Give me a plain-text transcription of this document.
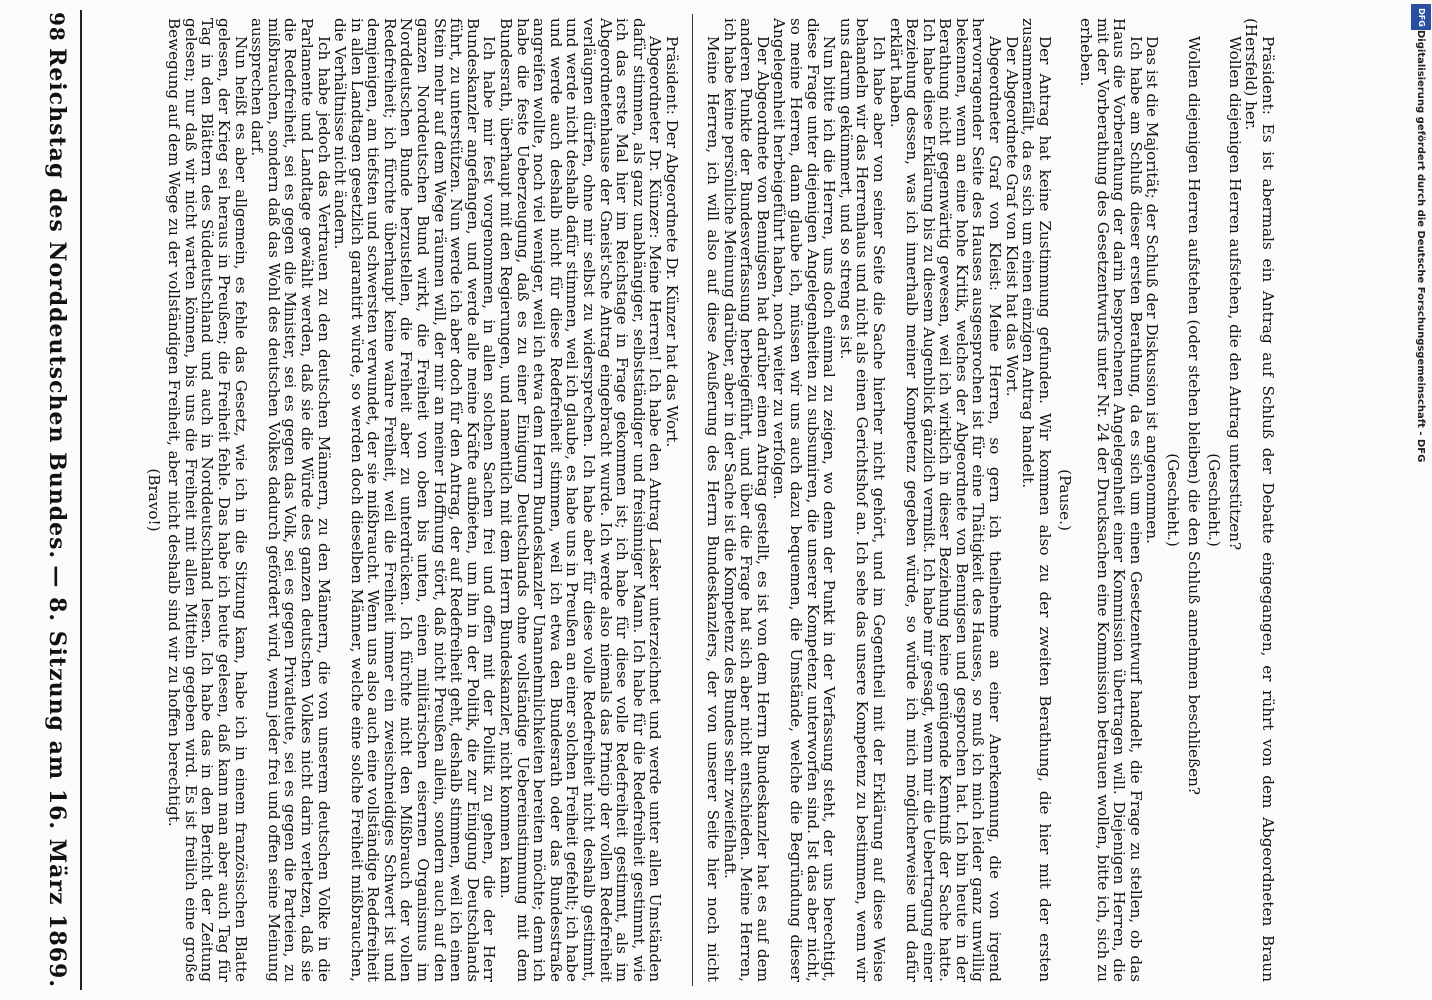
98
Reichstag des Norddeutschen Bundes.
— 8. Sitzung am 16. März 1869.

Präsident: Der Abgeordnete Dr. Künzer hat das Wort.

Abgeordneter Dr. Künzer: Meine Herren! Ich habe den Antrag Lasker unterzeichnet und werde unter allen Umständen dafür stimmen, als ganz unabhängiger, selbstständiger und freisinniger Mann. Ich habe für die Redefreiheit gestimmt, wie ich das erste Mal hier im Reichstage in Frage gekommen ist; ich habe für diese volle Redefreiheit gestimmt, als im Abgeordnetenhause der Gneist'sche Antrag eingebracht wurde. Ich werde also niemals das Princip der vollen Redefreiheit verläugnen dürfen, ohne mir selbst zu widersprechen. Ich habe aber für diese volle Redefreiheit nicht deshalb gestimmt, und werde nicht deshalb dafür stimmen, weil ich glaube, es habe uns in Preußen an einer solchen Freiheit gefehlt; ich habe und werde auch deshalb nicht für diese Redefreiheit stimmen, weil ich etwa den Bundesrath oder das Bundesstraße angreifen wollte, noch viel weniger, weil ich etwa dem Herrn Bundeskanzler Unannehmlichkeiten bereiten möchte; denn ich habe die feste Ueberzeugung, daß es zu einer Einigung Deutschlands ohne vollständige Uebereinstimmung mit dem Bundesrath, überhaupt mit den Regierungen, und namentlich mit dem Herrn Bundeskanzler, nicht kommen kann.

Ich habe mir fest vorgenommen, in allen solchen Sachen frei und offen mit der Politik zu gehen, die der Herr Bundeskanzler angefangen, und werde alle meine Kräfte aufbieten, um ihn in der Politik, die zur Einigung Deutschlands führt, zu unterstützen. Nun werde ich aber doch für den Antrag, der auf Redefreiheit geht, deshalb stimmen, weil ich einen Stein mehr auf dem Wege räumen will, der mir an meiner Hoffnung stört, daß nicht Preußen allein, sondern auch auf den ganzen Norddeutschen Bund wirkt, die Freiheit von oben bis unten, einen militärischen eisernen Organismus im Norddeutschen Bunde herzustellen, die Freiheit aber zu unterdrücken. Ich fürchte nicht den Mißbrauch der vollen Redefreiheit; ich fürchte überhaupt keine wahre Freiheit, weil die Freiheit immer ein zweischneidiges Schwert ist und demjenigen, am tiefsten und schwersten verwundet, der sie mißbraucht. Wenn uns also auch eine vollständige Redefreiheit in allen Landtagen gesetzlich garantirt würde, so werden doch dieselben Männer, welche eine solche Freiheit mißbrauchen, die Verhältnisse nicht ändern.

Ich habe jedoch das Vertrauen zu den deutschen Männern, zu den Männern, die von unserem deutschen Volke in die Parlamente und Landtage gewählt werden, daß sie die Würde des ganzen deutschen Volkes nicht darin verletzen, daß sie die Redefreiheit, sei es gegen die Minister, sei es gegen das Volk, sei es gegen Privatleute, sei es gegen die Parteien, zu mißbrauchen, sondern daß das Wohl des deutschen Volkes dadurch gefördert wird, wenn jeder frei und offen seine Meinung aussprechen darf.

Nun heißt es aber allgemein, es fehle das Gesetz, wie ich in die Sitzung kam, habe ich in einem französischen Blatte gelesen, der Krieg sei heraus in Preußen; die Freiheit fehle. Das habe ich heute gelesen, daß kann man aber auch Tag für Tag in den Blättern des Süddeutschland und auch in Norddeutschland lesen. Ich habe das in den Bericht der Zeitung gelesen; nur daß wir nicht warten können, bis uns die Freiheit mit allen Mitteln gegeben wird. Es ist freilich eine große Bewegung auf dem Wege zu der vollständigen Freiheit, aber nicht deshalb sind wir zu hoffen berechtigt.

(Bravo!)	Präsident: Es ist abermals ein Antrag auf Schluß der Debatte eingegangen, er rührt von dem Abgeordneten Braun (Hersfeld) her.

Wollen diejenigen Herren aufstehen, die den Antrag unterstützen?

(Geschieht.)

Wollen diejenigen Herren aufstehen (oder stehen bleiben) die den Schluß annehmen beschließen?

(Geschieht.)

Das ist die Majorität; der Schluß der Diskussion ist angenommen.

Ich habe am Schluß dieser ersten Berathung, da es sich um einen Gesetzentwurf handelt, die Frage zu stellen, ob das Haus die Vorberathung der darin besprochenen Angelegenheit einer Kommission übertragen will. Diejenigen Herren, die mit der Vorberathung des Gesetzentwurfs unter Nr. 24 der Drucksachen eine Kommission betrauen wollen, bitte ich, sich zu erheben.

(Pause.)

Der Antrag hat keine Zustimmung gefunden. Wir kommen also zu der zweiten Berathung, die hier mit der ersten zusammenfällt, da es sich um einen einzigen Antrag handelt.

Der Abgeordnete Graf von Kleist hat das Wort.

Abgeordneter Graf von Kleist: Meine Herren, so gern ich theilnehme an einer Anerkennung, die von irgend hervorragender Seite des Hauses ausgesprochen ist für eine Thätigkeit des Hauses, so muß ich mich leider ganz unwillig bekennen, wenn an eine hohe Kritik, welches der Abgeordnete von Bennigsen und gesprochen hat. Ich bin heute in der Berathung nicht gegenwärtig gewesen, weil ich wirklich in dieser Beziehung keine genügende Kenntniß der Sache hatte. Ich habe diese Erklärung bis zu diesem Augenblick gänzlich vermißt. Ich habe mir gesagt, wenn mir die Uebertragung einer Beziehung dessen, was ich innerhalb meiner Kompetenz gegeben würde, so würde ich mich möglicherweise und dafür erklärt haben.

Ich habe aber von seiner Seite die Sache hierher nicht gehört, und im Gegentheil mit der Erklärung auf diese Weise behandeln wir das Herrenhaus und nicht als einen Gerichtshof an. Ich sehe das unsere Kompetenz zu bestimmen, wenn wir uns darum gekümmert, und so streng es ist.

Nun bitte ich die Herren, uns doch einmal zu zeigen, wo denn der Punkt in der Verfassung steht, der uns berechtigt, diese Frage unter diejenigen Angelegenheiten zu subsumiren, die unserer Kompetenz unterworfen sind. Ist das aber nicht, so meine Herren, dann glaube ich, müssen wir uns auch dazu bequemen, die Umstände, welche die Begründung dieser Angelegenheit herbeigeführt haben, noch weiter zu verfolgen.

Der Abgeordnete von Bennigsen hat darüber einen Antrag gestellt, es ist von dem Herrn Bundeskanzler hat es auf dem anderen Punkte der Bundesverfassung herbeigeführt, und über die Frage hat sich aber nicht entschieden. Meine Herren, ich habe keine persönliche Meinung darüber, aber in der Sache ist die Kompetenz des Bundes sehr zweifelhaft.

Meine Herren, ich will also auf diese Aeußerung des Herrn Bundeskanzlers, der von unserer Seite hier noch nicht

Digitalisierung gefördert durch die Deutsche Forschungsgemeinschaft - DFG
DFG
